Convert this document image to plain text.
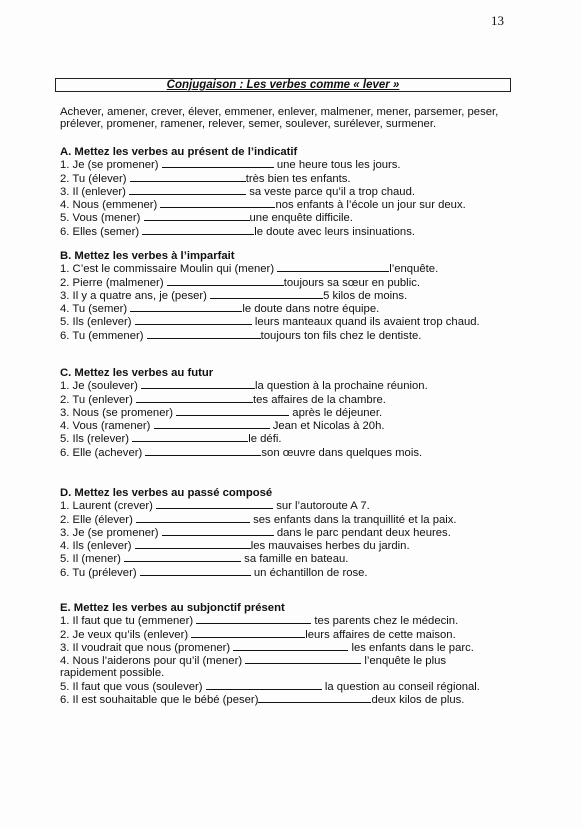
13
Conjugaison : Les verbes comme « lever »
Achever, amener, crever, élever, emmener, enlever, malmener, mener, parsemer, peser, prélever, promener, ramener, relever, semer, soulever, surélever, surmener.
A. Mettez les verbes au présent de l’indicatif
1. Je (se promener)	une heure tous les jours.
2. Tu (élever)	très bien tes enfants.
3. Il (enlever)	sa veste parce qu’il a trop chaud.
4. Nous (emmener)	nos enfants à l’école un jour sur deux.
5. Vous (mener)	une enquête difficile.
6. Elles (semer)	le doute avec leurs insinuations.
B. Mettez les verbes à l’imparfait
1. C’est le commissaire Moulin qui (mener)	l’enquête.
2. Pierre (malmener)	toujours sa sœur en public.
3. Il y a quatre ans, je (peser)	5 kilos de moins.
4. Tu (semer)	le doute dans notre équipe.
5. Ils (enlever)	leurs manteaux quand ils avaient trop chaud.
6. Tu (emmener)	toujours ton fils chez le dentiste.
C. Mettez les verbes au futur
1. Je (soulever)	la question à la prochaine réunion.
2. Tu (enlever)	tes affaires de la chambre.
3. Nous (se promener)	après le déjeuner.
4. Vous (ramener)	Jean et Nicolas à 20h.
5. Ils (relever)	le défi.
6. Elle (achever)	son œuvre dans quelques mois.
D. Mettez les verbes au passé composé
1. Laurent (crever)	sur l’autoroute A 7.
2. Elle (élever)	ses enfants dans la tranquillité et la paix.
3. Je (se promener)	dans le parc pendant deux heures.
4. Ils (enlever)	les mauvaises herbes du jardin.
5. Il (mener)	sa famille en bateau.
6. Tu (prélever)	un échantillon de rose.
E. Mettez les verbes au subjonctif présent
1. Il faut que tu (emmener)	tes parents chez le médecin.
2. Je veux qu’ils (enlever)	leurs affaires de cette maison.
3. Il voudrait que nous (promener)	les enfants dans le parc.
4. Nous l’aiderons pour qu’il (mener)	l’enquête le plus rapidement possible.
5. Il faut que vous (soulever)	la question au conseil régional.
6. Il est souhaitable que le bébé (peser)	deux kilos de plus.
